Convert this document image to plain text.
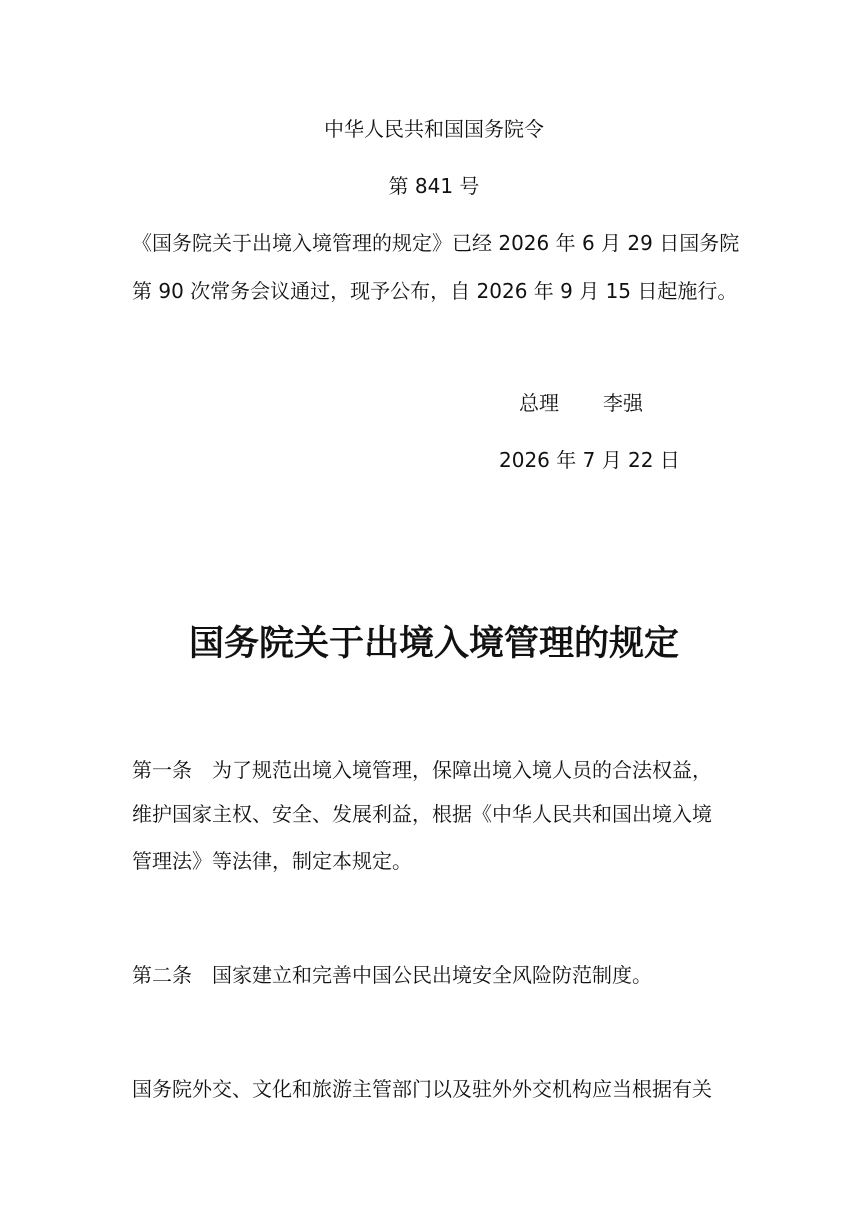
中华人民共和国国务院令
第 841 号
《国务院关于出境入境管理的规定》已经 2026 年 6 月 29 日国务院
第 90 次常务会议通过，现予公布，自 2026 年 9 月 15 日起施行。
总理 李强
2026 年 7 月 22 日
国务院关于出境入境管理的规定
第一条 为了规范出境入境管理，保障出境入境人员的合法权益，
维护国家主权、安全、发展利益，根据《中华人民共和国出境入境
管理法》等法律，制定本规定。
第二条 国家建立和完善中国公民出境安全风险防范制度。
国务院外交、文化和旅游主管部门以及驻外外交机构应当根据有关
